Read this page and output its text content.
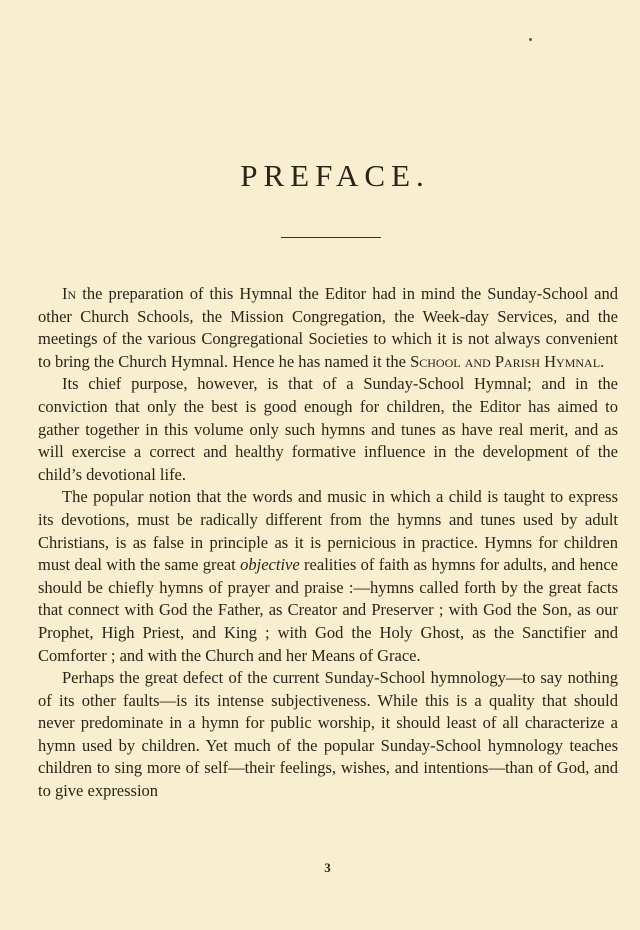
PREFACE.

In the preparation of this Hymnal the Editor had in mind the Sunday-School and other Church Schools, the Mission Congregation, the Week-day Services, and the meetings of the various Congregational Societies to which it is not always convenient to bring the Church Hymnal. Hence he has named it the School and Parish Hymnal.

Its chief purpose, however, is that of a Sunday-School Hymnal; and in the conviction that only the best is good enough for children, the Editor has aimed to gather together in this volume only such hymns and tunes as have real merit, and as will exercise a correct and healthy formative influence in the development of the child’s devotional life.

The popular notion that the words and music in which a child is taught to express its devotions, must be radically different from the hymns and tunes used by adult Christians, is as false in principle as it is pernicious in practice. Hymns for children must deal with the same great objective realities of faith as hymns for adults, and hence should be chiefly hymns of prayer and praise :—hymns called forth by the great facts that connect with God the Father, as Creator and Preserver ; with God the Son, as our Prophet, High Priest, and King ; with God the Holy Ghost, as the Sanctifier and Comforter ; and with the Church and her Means of Grace.

Perhaps the great defect of the current Sunday-School hymnology—to say nothing of its other faults—is its intense subjectiveness. While this is a quality that should never predominate in a hymn for public worship, it should least of all characterize a hymn used by children. Yet much of the popular Sunday-School hymnology teaches children to sing more of self—their feelings, wishes, and intentions—than of God, and to give expression

3
